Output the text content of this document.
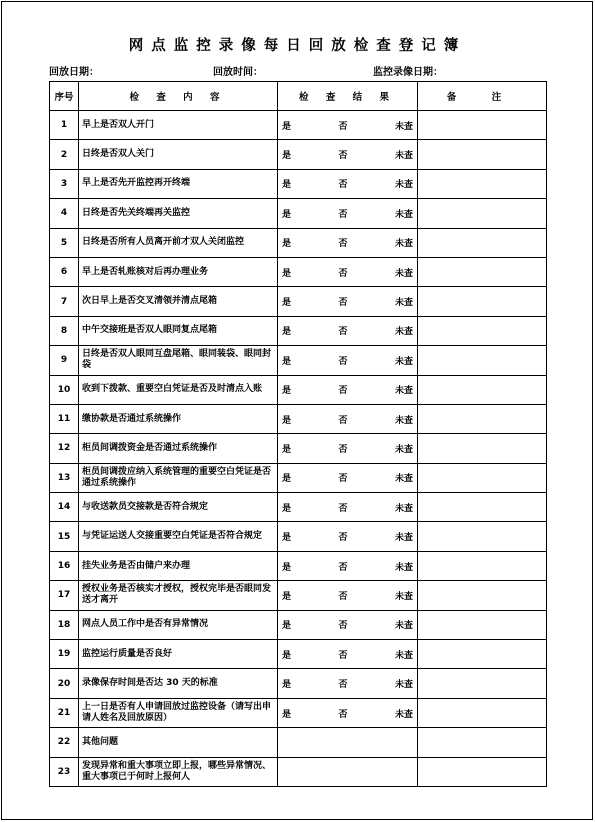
网点监控录像每日回放检查登记簿
回放日期：	回放时间：	监控录像日期：
序号	检 查 内 容	检 查 结 果	备 注
1	早上是否双人开门	是 否 未查	

2	日终是否双人关门	是 否 未查	

3	早上是否先开监控再开终端	是 否 未查	

4	日终是否先关终端再关监控	是 否 未查	

5	日终是否所有人员离开前才双人关闭监控	是 否 未查	

6	早上是否轧账核对后再办理业务	是 否 未查	

7	次日早上是否交叉清领并清点尾箱	是 否 未查	

8	中午交接班是否双人眼同复点尾箱	是 否 未查	

9	日终是否双人眼同互盘尾箱、眼同装袋、眼同封袋	是 否 未查	

10	收到下拨款、重要空白凭证是否及时清点入账	是 否 未查	

11	缴协款是否通过系统操作	是 否 未查	

12	柜员间调拨资金是否通过系统操作	是 否 未查	

13	柜员间调拨应纳入系统管理的重要空白凭证是否通过系统操作	是 否 未查	

14	与收送款员交接款是否符合规定	是 否 未查	

15	与凭证运送人交接重要空白凭证是否符合规定	是 否 未查	

16	挂失业务是否由储户来办理	是 否 未查	

17	授权业务是否核实才授权，授权完毕是否眼同发送才离开	是 否 未查	

18	网点人员工作中是否有异常情况	是 否 未查	

19	监控运行质量是否良好	是 否 未查	

20	录像保存时间是否达 30 天的标准	是 否 未查	

21	上一日是否有人申请回放过监控设备（请写出申请人姓名及回放原因）	是 否 未查	

22	其他问题		
23	发现异常和重大事项立即上报，哪些异常情况、重大事项已于何时上报何人		
